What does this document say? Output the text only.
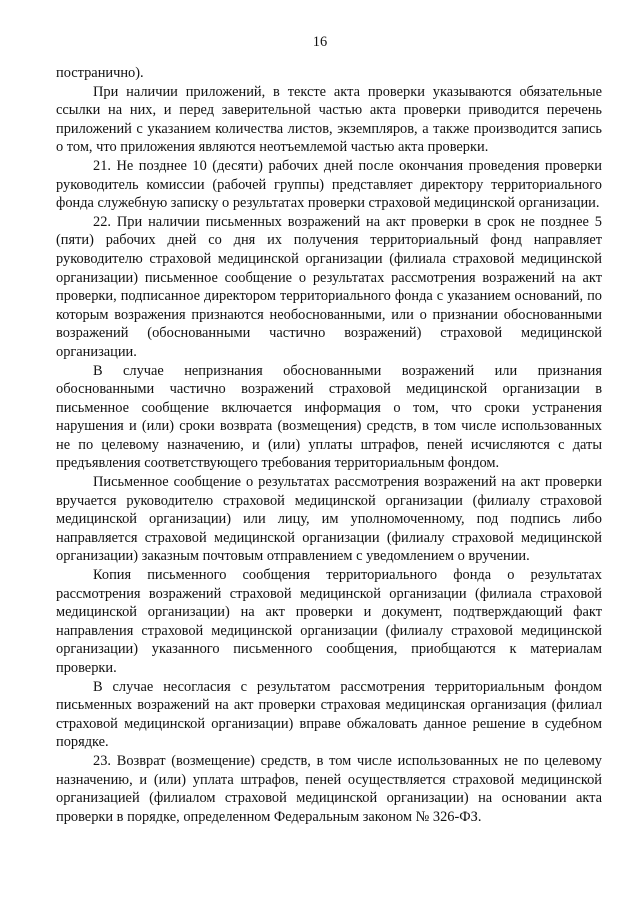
16

постранично).

При наличии приложений, в тексте акта проверки указываются обязательные ссылки на них, и перед заверительной частью акта проверки приводится перечень приложений с указанием количества листов, экземпляров, а также производится запись о том, что приложения являются неотъемлемой частью акта проверки.

21. Не позднее 10 (десяти) рабочих дней после окончания проведения проверки руководитель комиссии (рабочей группы) представляет директору территориального фонда служебную записку о результатах проверки страховой медицинской организации.

22. При наличии письменных возражений на акт проверки в срок не позднее 5 (пяти) рабочих дней со дня их получения территориальный фонд направляет руководителю страховой медицинской организации (филиала страховой медицинской организации) письменное сообщение о результатах рассмотрения возражений на акт проверки, подписанное директором территориального фонда с указанием оснований, по которым возражения признаются необоснованными, или о признании обоснованными возражений (обоснованными частично возражений) страховой медицинской организации.

В случае непризнания обоснованными возражений или признания обоснованными частично возражений страховой медицинской организации в письменное сообщение включается информация о том, что сроки устранения нарушения и (или) сроки возврата (возмещения) средств, в том числе использованных не по целевому назначению, и (или) уплаты штрафов, пеней исчисляются с даты предъявления соответствующего требования территориальным фондом.

Письменное сообщение о результатах рассмотрения возражений на акт проверки вручается руководителю страховой медицинской организации (филиалу страховой медицинской организации) или лицу, им уполномоченному, под подпись либо направляется страховой медицинской организации (филиалу страховой медицинской организации) заказным почтовым отправлением с уведомлением о вручении.

Копия письменного сообщения территориального фонда о результатах рассмотрения возражений страховой медицинской организации (филиала страховой медицинской организации) на акт проверки и документ, подтверждающий факт направления страховой медицинской организации (филиалу страховой медицинской организации) указанного письменного сообщения, приобщаются к материалам проверки.

В случае несогласия с результатом рассмотрения территориальным фондом письменных возражений на акт проверки страховая медицинская организация (филиал страховой медицинской организации) вправе обжаловать данное решение в судебном порядке.

23. Возврат (возмещение) средств, в том числе использованных не по целевому назначению, и (или) уплата штрафов, пеней осуществляется страховой медицинской организацией (филиалом страховой медицинской организации) на основании акта проверки в порядке, определенном Федеральным законом № 326-ФЗ.
